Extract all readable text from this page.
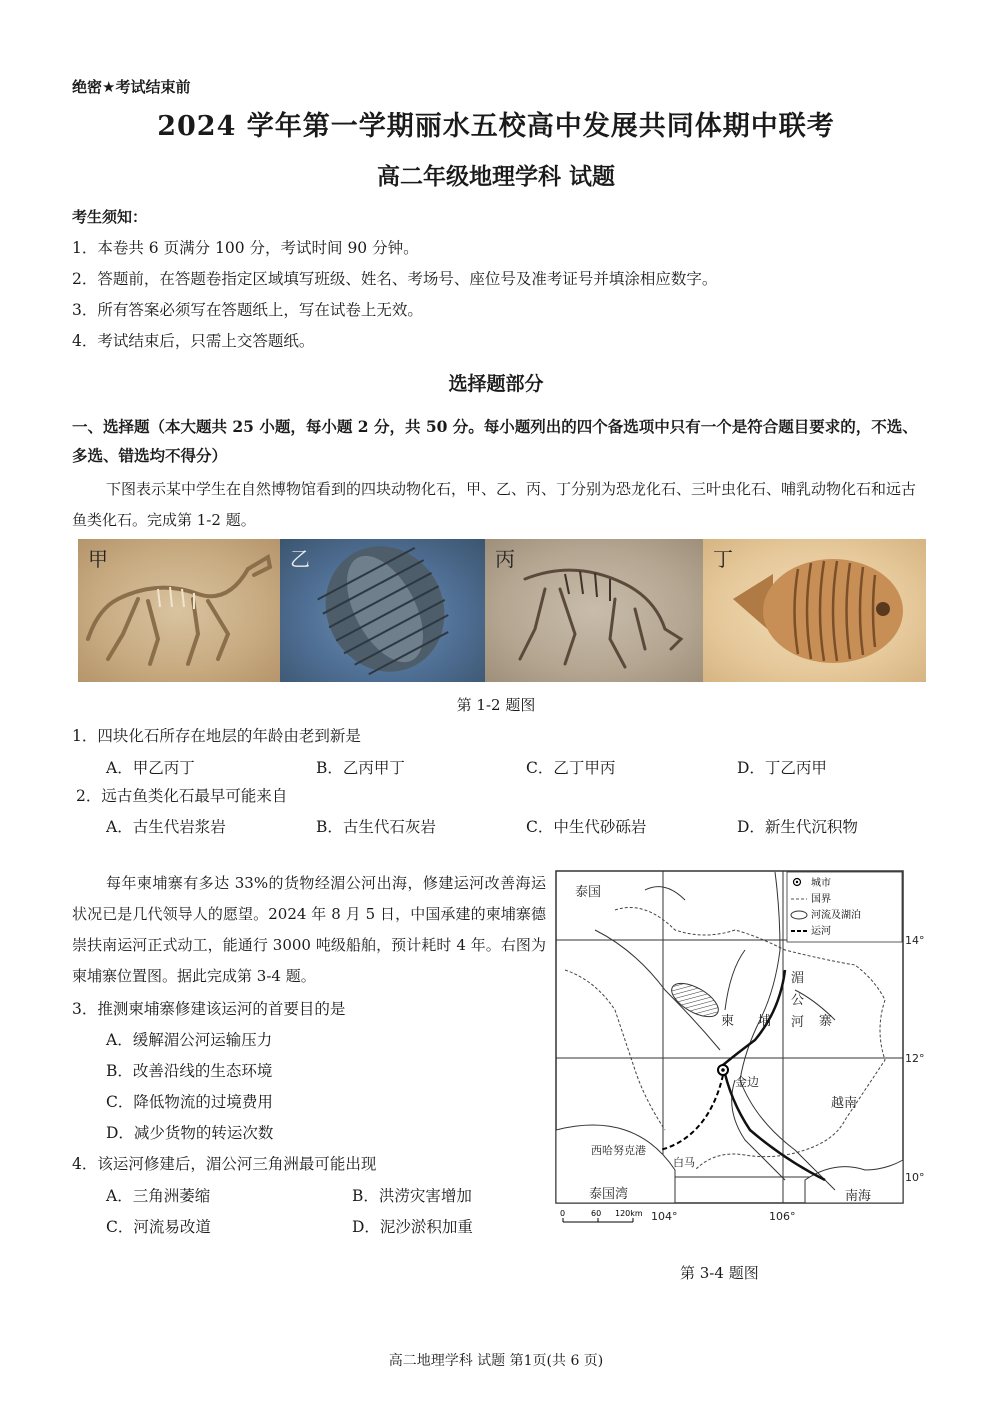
绝密★考试结束前
2024 学年第一学期丽水五校高中发展共同体期中联考
高二年级地理学科 试题
考生须知：
1．本卷共 6 页满分 100 分，考试时间 90 分钟。
2．答题前，在答题卷指定区域填写班级、姓名、考场号、座位号及准考证号并填涂相应数字。
3．所有答案必须写在答题纸上，写在试卷上无效。
4．考试结束后，只需上交答题纸。
选择题部分
一、选择题（本大题共 25 小题，每小题 2 分，共 50 分。每小题列出的四个备选项中只有一个是符合题目要求的，不选、多选、错选均不得分）
下图表示某中学生在自然博物馆看到的四块动物化石，甲、乙、丙、丁分别为恐龙化石、三叶虫化石、哺乳动物化石和远古鱼类化石。完成第 1-2 题。
甲	乙	丙	丁
第 1-2 题图
1．四块化石所存在地层的年龄由老到新是
A．甲乙丙丁	B．乙丙甲丁	C．乙丁甲丙	D．丁乙丙甲
2．远古鱼类化石最早可能来自
A．古生代岩浆岩	B．古生代石灰岩	C．中生代砂砾岩	D．新生代沉积物
每年柬埔寨有多达 33%的货物经湄公河出海，修建运河改善海运状况已是几代领导人的愿望。2024 年 8 月 5 日，中国承建的柬埔寨德崇扶南运河正式动工，能通行 3000 吨级船舶，预计耗时 4 年。右图为柬埔寨位置图。据此完成第 3-4 题。
3．推测柬埔寨修建该运河的首要目的是
A．缓解湄公河运输压力
B．改善沿线的生态环境
C．降低物流的过境费用
D．减少货物的转运次数
4．该运河修建后，湄公河三角洲最可能出现
A．三角洲萎缩	B．洪涝灾害增加
C．河流易改道	D．泥沙淤积加重
城市
国界
河流及湖泊
运河
泰国
柬 埔	寨
湄
公
河
越南
金边
西哈努克港
白马
泰国湾	南海
14°
12°
10°
104°	106°
0	60 120km
第 3-4 题图
高二地理学科 试题 第1页(共 6 页)
